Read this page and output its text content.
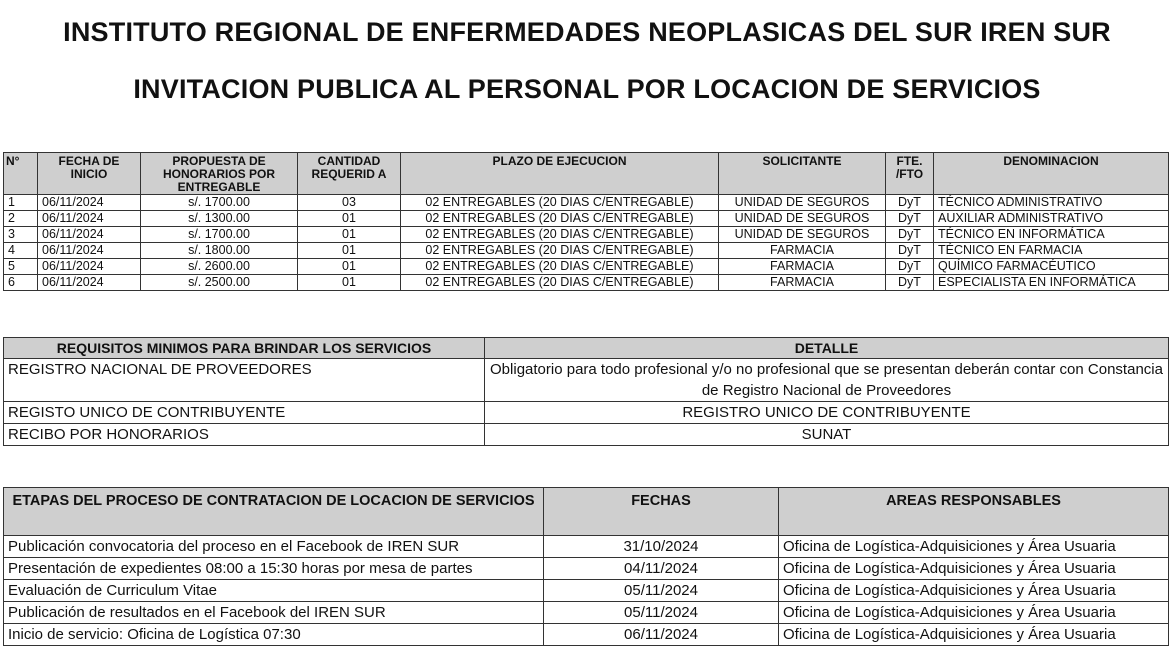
INSTITUTO REGIONAL DE ENFERMEDADES NEOPLASICAS DEL SUR IREN SUR
INVITACION PUBLICA AL PERSONAL POR LOCACION DE SERVICIOS
N°	FECHA DE INICIO	PROPUESTA DE HONORARIOS POR ENTREGABLE	CANTIDAD REQUERID A	PLAZO DE EJECUCION	SOLICITANTE	FTE. /FTO	DENOMINACION
1	06/11/2024	s/. 1700.00	03	02 ENTREGABLES (20 DIAS C/ENTREGABLE)	UNIDAD DE SEGUROS	DyT	TÉCNICO ADMINISTRATIVO
2	06/11/2024	s/. 1300.00	01	02 ENTREGABLES (20 DIAS C/ENTREGABLE)	UNIDAD DE SEGUROS	DyT	AUXILIAR ADMINISTRATIVO
3	06/11/2024	s/. 1700.00	01	02 ENTREGABLES (20 DIAS C/ENTREGABLE)	UNIDAD DE SEGUROS	DyT	TÉCNICO EN INFORMÁTICA
4	06/11/2024	s/. 1800.00	01	02 ENTREGABLES (20 DIAS C/ENTREGABLE)	FARMACIA	DyT	TÉCNICO EN FARMACIA
5	06/11/2024	s/. 2600.00	01	02 ENTREGABLES (20 DIAS C/ENTREGABLE)	FARMACIA	DyT	QUÍMICO FARMACÉUTICO
6	06/11/2024	s/. 2500.00	01	02 ENTREGABLES (20 DIAS C/ENTREGABLE)	FARMACIA	DyT	ESPECIALISTA EN INFORMÁTICA
REQUISITOS MINIMOS PARA BRINDAR LOS SERVICIOS	DETALLE
REGISTRO NACIONAL DE PROVEEDORES	Obligatorio para todo profesional y/o no profesional que se presentan deberán contar con Constancia de Registro Nacional de Proveedores
REGISTO UNICO DE CONTRIBUYENTE	REGISTRO UNICO DE CONTRIBUYENTE
RECIBO POR HONORARIOS	SUNAT
ETAPAS DEL PROCESO DE CONTRATACION DE LOCACION DE SERVICIOS	FECHAS	AREAS RESPONSABLES
Publicación convocatoria del proceso en el Facebook de IREN SUR	31/10/2024	Oficina de Logística-Adquisiciones y Área Usuaria
Presentación de expedientes 08:00 a 15:30 horas por mesa de partes	04/11/2024	Oficina de Logística-Adquisiciones y Área Usuaria
Evaluación de Curriculum Vitae	05/11/2024	Oficina de Logística-Adquisiciones y Área Usuaria
Publicación de resultados en el Facebook del IREN SUR	05/11/2024	Oficina de Logística-Adquisiciones y Área Usuaria
Inicio de servicio: Oficina de Logística 07:30	06/11/2024	Oficina de Logística-Adquisiciones y Área Usuaria
